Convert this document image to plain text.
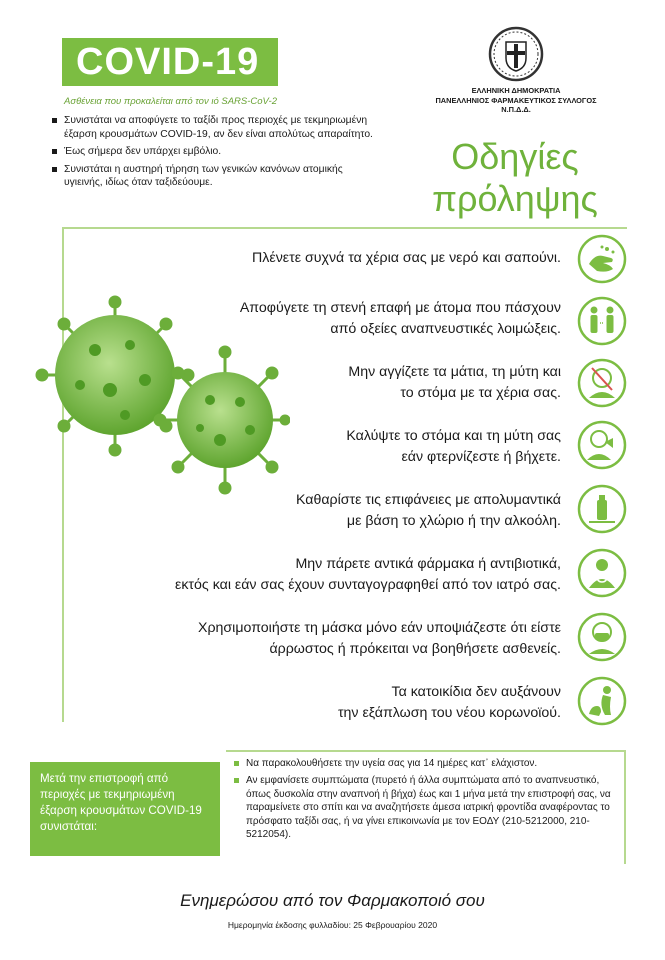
COVID-19
Ασθένεια που προκαλείται από τον ιό SARS-CoV-2
Συνιστάται να αποφύγετε το ταξίδι προς περιοχές με τεκμηριωμένη έξαρση κρουσμάτων COVID-19, αν δεν είναι απολύτως απαραίτητο.
Έως σήμερα δεν υπάρχει εμβόλιο.
Συνιστάται η αυστηρή τήρηση των γενικών κανόνων ατομικής υγιεινής, ιδίως όταν ταξιδεύουμε.
ΕΛΛΗΝΙΚΗ ΔΗΜΟΚΡΑΤΙΑ
ΠΑΝΕΛΛΗΝΙΟΣ ΦΑΡΜΑΚΕΥΤΙΚΟΣ ΣΥΛΛΟΓΟΣ
Ν.Π.Δ.Δ.
Οδηγίες
πρόληψης
Πλένετε συχνά τα χέρια σας με νερό και σαπούνι.
Αποφύγετε τη στενή επαφή με άτομα που πάσχουν
από οξείες αναπνευστικές λοιμώξεις.
Μην αγγίζετε τα μάτια, τη μύτη και
το στόμα με τα χέρια σας.
Καλύψτε το στόμα και τη μύτη σας
εάν φτερνίζεστε ή βήχετε.
Καθαρίστε τις επιφάνειες με απολυμαντικά
με βάση το χλώριο ή την αλκοόλη.
Μην πάρετε αντικά φάρμακα ή αντιβιοτικά,
εκτός και εάν σας έχουν συνταγογραφηθεί από τον ιατρό σας.
Χρησιμοποιήστε τη μάσκα μόνο εάν υποψιάζεστε ότι είστε
άρρωστος ή πρόκειται να βοηθήσετε ασθενείς.
Τα κατοικίδια δεν αυξάνουν
την εξάπλωση του νέου κορωνοϊού.
Μετά την επιστροφή από περιοχές με τεκμηριωμένη έξαρση κρουσμάτων COVID-19 συνιστάται:
Να παρακολουθήσετε την υγεία σας για 14 ημέρες κατ᾽ ελάχιστον.
Αν εμφανίσετε συμπτώματα (πυρετό ή άλλα συμπτώματα από το αναπνευστικό, όπως δυσκολία στην αναπνοή ή βήχα) έως και 1 μήνα μετά την επιστροφή σας, να παραμείνετε στο σπίτι και να αναζητήσετε άμεσα ιατρική φροντίδα αναφέροντας το πρόσφατο ταξίδι σας, ή να γίνει επικοινωνία με τον ΕΟΔΥ (210-5212000, 210-5212054).
Ενημερώσου από τον Φαρμακοποιό σου
Ημερομηνία έκδοσης φυλλαδίου: 25 Φεβρουαρίου 2020
